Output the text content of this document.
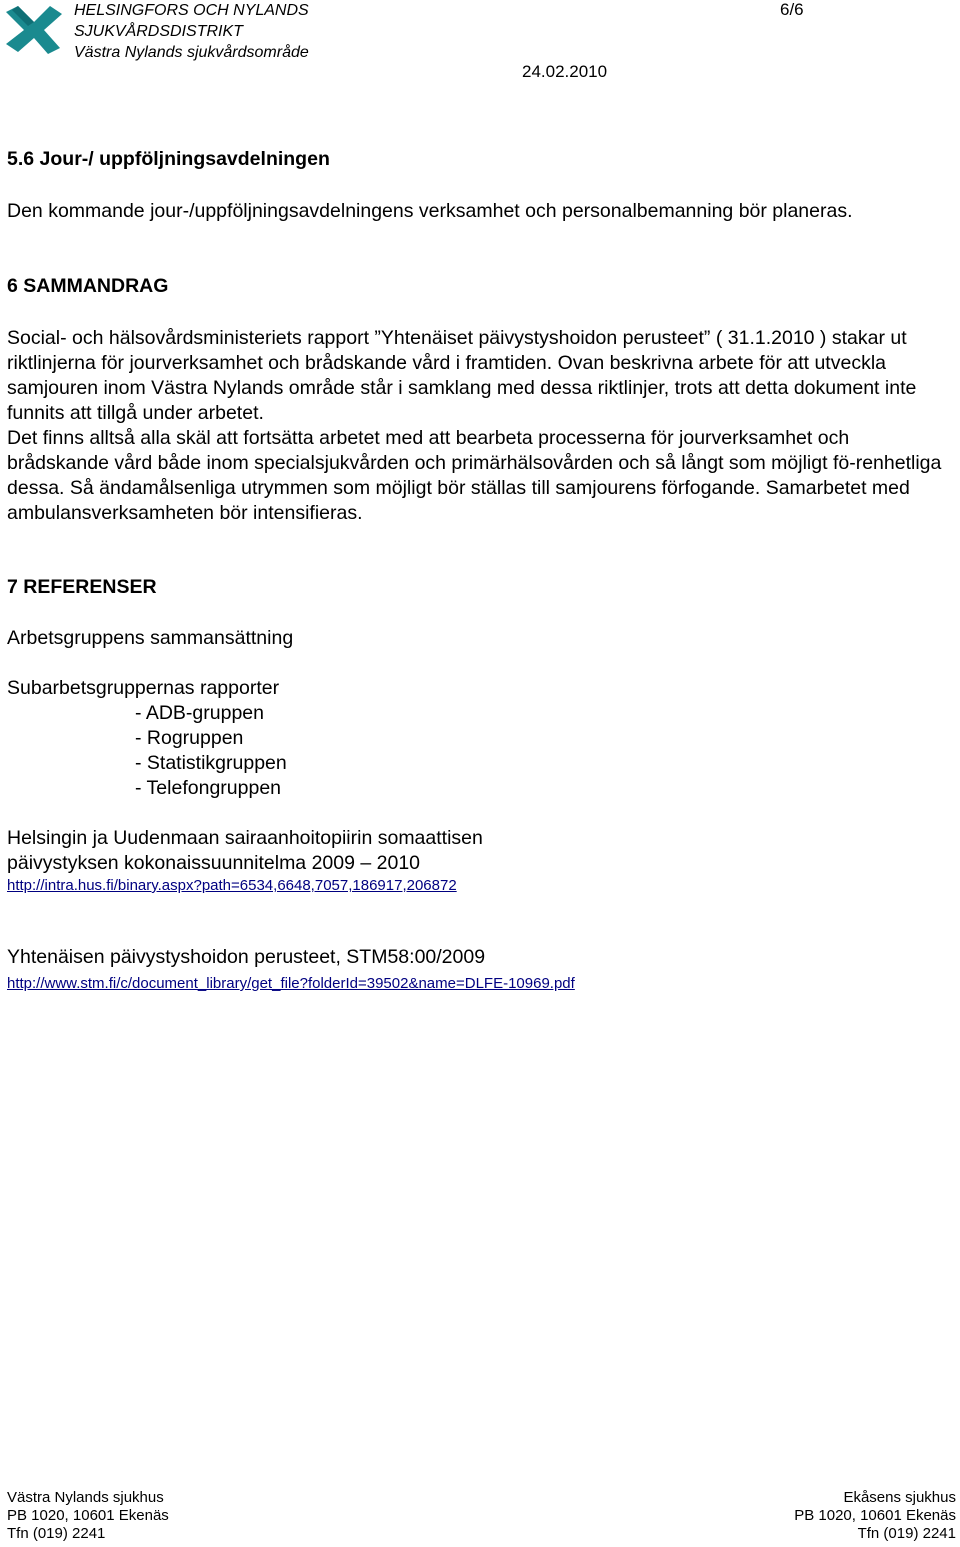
HELSINGFORS OCH NYLANDS
SJUKVÅRDSDISTRIKT
Västra Nylands sjukvårdsområde
6/6
24.02.2010
5.6 Jour-/ uppföljningsavdelningen
Den kommande jour-/uppföljningsavdelningens verksamhet och personalbemanning bör planeras.
6 SAMMANDRAG

Social- och hälsovårdsministeriets rapport ”Yhtenäiset päivystyshoidon perusteet” ( 31.1.2010 ) stakar ut riktlinjerna för jourverksamhet och brådskande vård i framtiden. Ovan beskrivna arbete för att utveckla samjouren inom Västra Nylands område står i samklang med dessa riktlinjer, trots att detta dokument inte funnits att tillgå under arbetet.

Det finns alltså alla skäl att fortsätta arbetet med att bearbeta processerna för jourverksamhet och brådskande vård både inom specialsjukvården och primärhälsovården och så långt som möjligt fö-renhetliga dessa. Så ändamålsenliga utrymmen som möjligt bör ställas till samjourens förfogande. Samarbetet med ambulansverksamheten bör intensifieras.

7 REFERENSER
Arbetsgruppens sammansättning
Subarbetsgruppernas rapporter
- ADB-gruppen
- Rogruppen
- Statistikgruppen
- Telefongruppen
Helsingin ja Uudenmaan sairaanhoitopiirin somaattisen
päivystyksen kokonaissuunnitelma 2009 – 2010
http://intra.hus.fi/binary.aspx?path=6534,6648,7057,186917,206872
Yhtenäisen päivystyshoidon perusteet, STM58:00/2009
http://www.stm.fi/c/document_library/get_file?folderId=39502&name=DLFE-10969.pdf
Västra Nylands sjukhus
PB 1020, 10601 Ekenäs
Tfn (019) 2241
Ekåsens sjukhus
PB 1020, 10601 Ekenäs
Tfn (019) 2241
